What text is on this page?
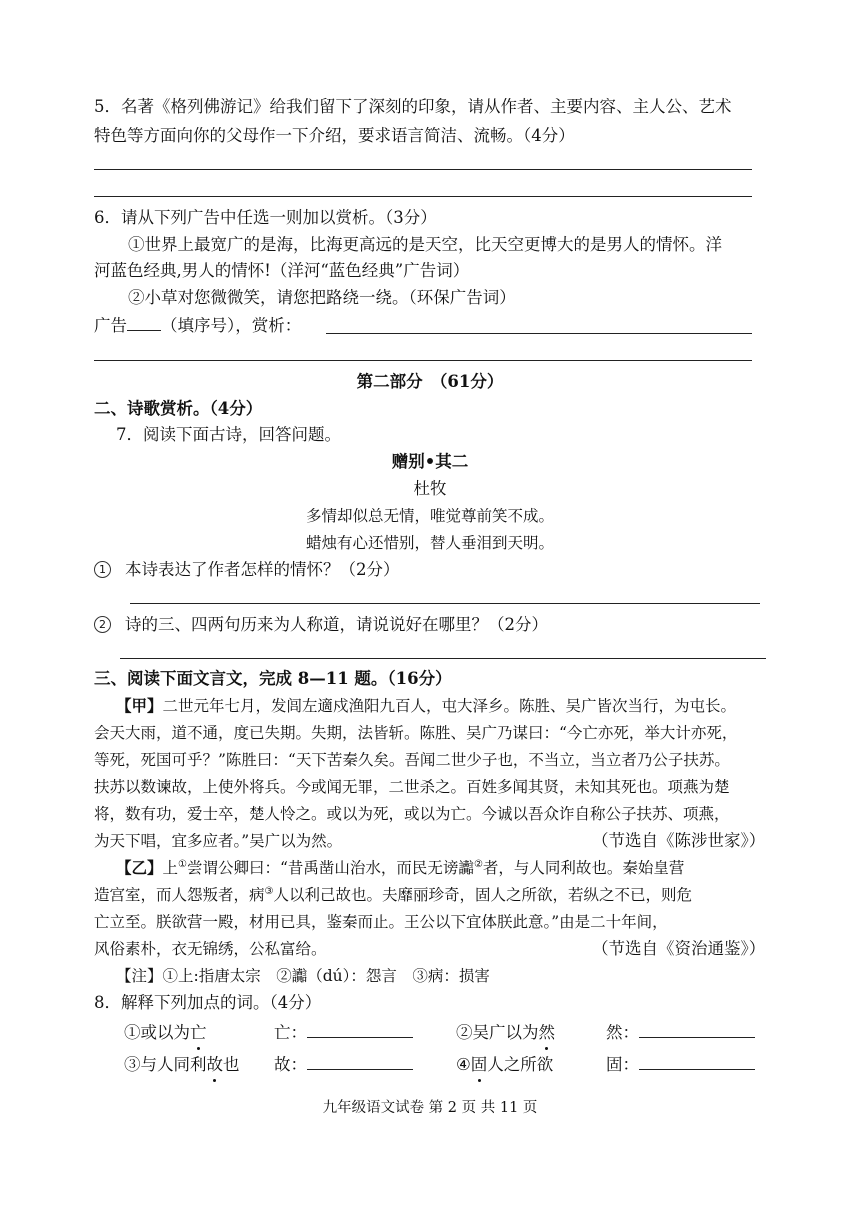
5．名著《格列佛游记》给我们留下了深刻的印象，请从作者、主要内容、主人公、艺术
特色等方面向你的父母作一下介绍，要求语言简洁、流畅。（4分）
6．请从下列广告中任选一则加以赏析。（3分）
①世界上最宽广的是海，比海更高远的是天空，比天空更博大的是男人的情怀。洋
河蓝色经典,男人的情怀!（洋河“蓝色经典”广告词）
②小草对您微微笑，请您把路绕一绕。（环保广告词）
广告 （填序号），赏析：
第二部分　（61分）
二、诗歌赏析。（4分）
7．阅读下面古诗，回答问题。
赠别•其二
杜牧
多情却似总无情，唯觉尊前笑不成。
蜡烛有心还惜别，替人垂泪到天明。
1 本诗表达了作者怎样的情怀？（2分）
2 诗的三、四两句历来为人称道，请说说好在哪里？（2分）
三、阅读下面文言文，完成 8—11 题。（16分）
【甲】二世元年七月，发闾左適戍渔阳九百人，屯大泽乡。陈胜、吴广皆次当行，为屯长。
会天大雨，道不通，度已失期。失期，法皆斩。陈胜、吴广乃谋曰：“今亡亦死，举大计亦死，
等死，死国可乎？”陈胜曰：“天下苦秦久矣。吾闻二世少子也，不当立，当立者乃公子扶苏。
扶苏以数谏故，上使外将兵。今或闻无罪，二世杀之。百姓多闻其贤，未知其死也。项燕为楚
将，数有功，爱士卒，楚人怜之。或以为死，或以为亡。今诚以吾众诈自称公子扶苏、项燕，
为天下唱，宜多应者。”吴广以为然。	（节选自《陈涉世家》）
【乙】上①尝谓公卿曰：“昔禹凿山治水，而民无谤讟②者，与人同利故也。秦始皇营
造宫室，而人怨叛者，病③人以利己故也。夫靡丽珍奇，固人之所欲，若纵之不已，则危
亡立至。朕欲营一殿，材用已具，鉴秦而止。王公以下宜体朕此意。”由是二十年间，
风俗素朴，衣无锦绣，公私富给。	（节选自《资治通鉴》）
【注】①上:指唐太宗　②讟（dú）：怨言　③病：损害
8．解释下列加点的词。（4分）
①或以为亡	亡：	②吴广以为然	然：
③与人同利故也 故：	④固人之所欲	固：
九年级语文试卷 第 2 页 共 11 页
